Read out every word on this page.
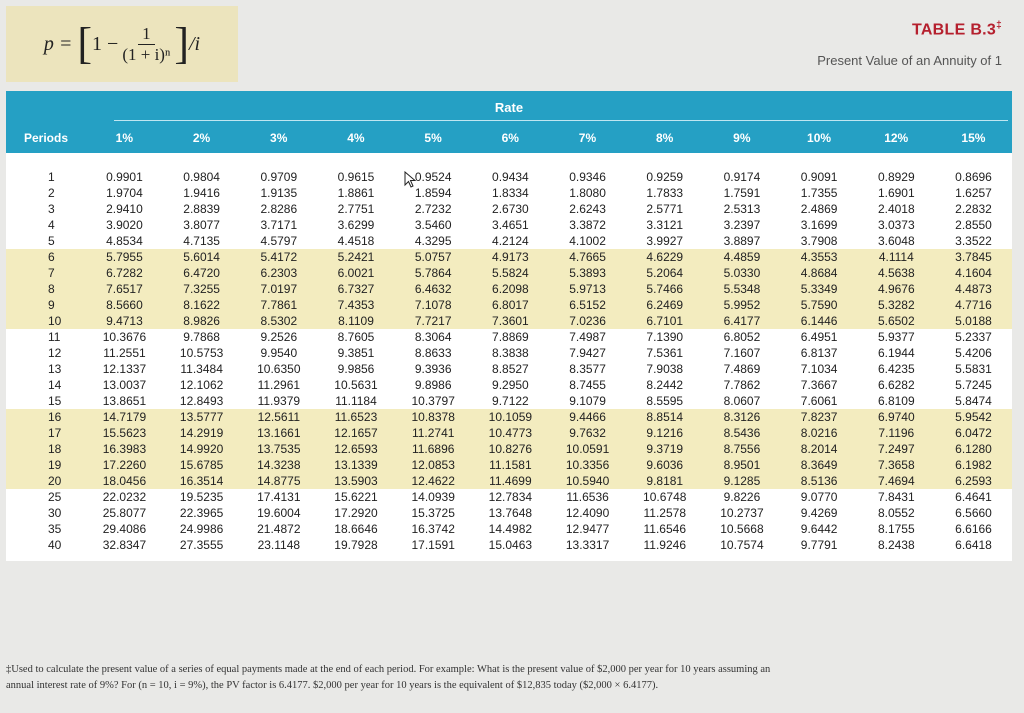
p =
[ 1
− $\frac{1}{\text{(1 + i)ⁿ}}$ ] /i
TABLE B.3‡
Present Value of an Annuity of 1
Rate
Periods	1%	2%	3%	4%	5%	6%	7%	8%	9%	10%	12%	15%
1	0.9901	0.9804	0.9709	0.9615	0.9524	0.9434	0.9346	0.9259	0.9174	0.9091	0.8929	0.8696
2	1.9704	1.9416	1.9135	1.8861	1.8594	1.8334	1.8080	1.7833	1.7591	1.7355	1.6901	1.6257
3	2.9410	2.8839	2.8286	2.7751	2.7232	2.6730	2.6243	2.5771	2.5313	2.4869	2.4018	2.2832
4	3.9020	3.8077	3.7171	3.6299	3.5460	3.4651	3.3872	3.3121	3.2397	3.1699	3.0373	2.8550
5	4.8534	4.7135	4.5797	4.4518	4.3295	4.2124	4.1002	3.9927	3.8897	3.7908	3.6048	3.3522
6	5.7955	5.6014	5.4172	5.2421	5.0757	4.9173	4.7665	4.6229	4.4859	4.3553	4.1114	3.7845
7	6.7282	6.4720	6.2303	6.0021	5.7864	5.5824	5.3893	5.2064	5.0330	4.8684	4.5638	4.1604
8	7.6517	7.3255	7.0197	6.7327	6.4632	6.2098	5.9713	5.7466	5.5348	5.3349	4.9676	4.4873
9	8.5660	8.1622	7.7861	7.4353	7.1078	6.8017	6.5152	6.2469	5.9952	5.7590	5.3282	4.7716
10	9.4713	8.9826	8.5302	8.1109	7.7217	7.3601	7.0236	6.7101	6.4177	6.1446	5.6502	5.0188
11	10.3676	9.7868	9.2526	8.7605	8.3064	7.8869	7.4987	7.1390	6.8052	6.4951	5.9377	5.2337
12	11.2551	10.5753	9.9540	9.3851	8.8633	8.3838	7.9427	7.5361	7.1607	6.8137	6.1944	5.4206
13	12.1337	11.3484	10.6350	9.9856	9.3936	8.8527	8.3577	7.9038	7.4869	7.1034	6.4235	5.5831
14	13.0037	12.1062	11.2961	10.5631	9.8986	9.2950	8.7455	8.2442	7.7862	7.3667	6.6282	5.7245
15	13.8651	12.8493	11.9379	11.1184	10.3797	9.7122	9.1079	8.5595	8.0607	7.6061	6.8109	5.8474
16	14.7179	13.5777	12.5611	11.6523	10.8378	10.1059	9.4466	8.8514	8.3126	7.8237	6.9740	5.9542
17	15.5623	14.2919	13.1661	12.1657	11.2741	10.4773	9.7632	9.1216	8.5436	8.0216	7.1196	6.0472
18	16.3983	14.9920	13.7535	12.6593	11.6896	10.8276	10.0591	9.3719	8.7556	8.2014	7.2497	6.1280
19	17.2260	15.6785	14.3238	13.1339	12.0853	11.1581	10.3356	9.6036	8.9501	8.3649	7.3658	6.1982
20	18.0456	16.3514	14.8775	13.5903	12.4622	11.4699	10.5940	9.8181	9.1285	8.5136	7.4694	6.2593
25	22.0232	19.5235	17.4131	15.6221	14.0939	12.7834	11.6536	10.6748	9.8226	9.0770	7.8431	6.4641
30	25.8077	22.3965	19.6004	17.2920	15.3725	13.7648	12.4090	11.2578	10.2737	9.4269	8.0552	6.5660
35	29.4086	24.9986	21.4872	18.6646	16.3742	14.4982	12.9477	11.6546	10.5668	9.6442	8.1755	6.6166
40	32.8347	27.3555	23.1148	19.7928	17.1591	15.0463	13.3317	11.9246	10.7574	9.7791	8.2438	6.6418
‡Used to calculate the present value of a series of equal payments made at the end of each period. For example: What is the present value of $2,000 per year for 10 years assuming an
annual interest rate of 9%? For (n = 10, i = 9%), the PV factor is 6.4177. $2,000 per year for 10 years is the equivalent of $12,835 today ($2,000 × 6.4177).
